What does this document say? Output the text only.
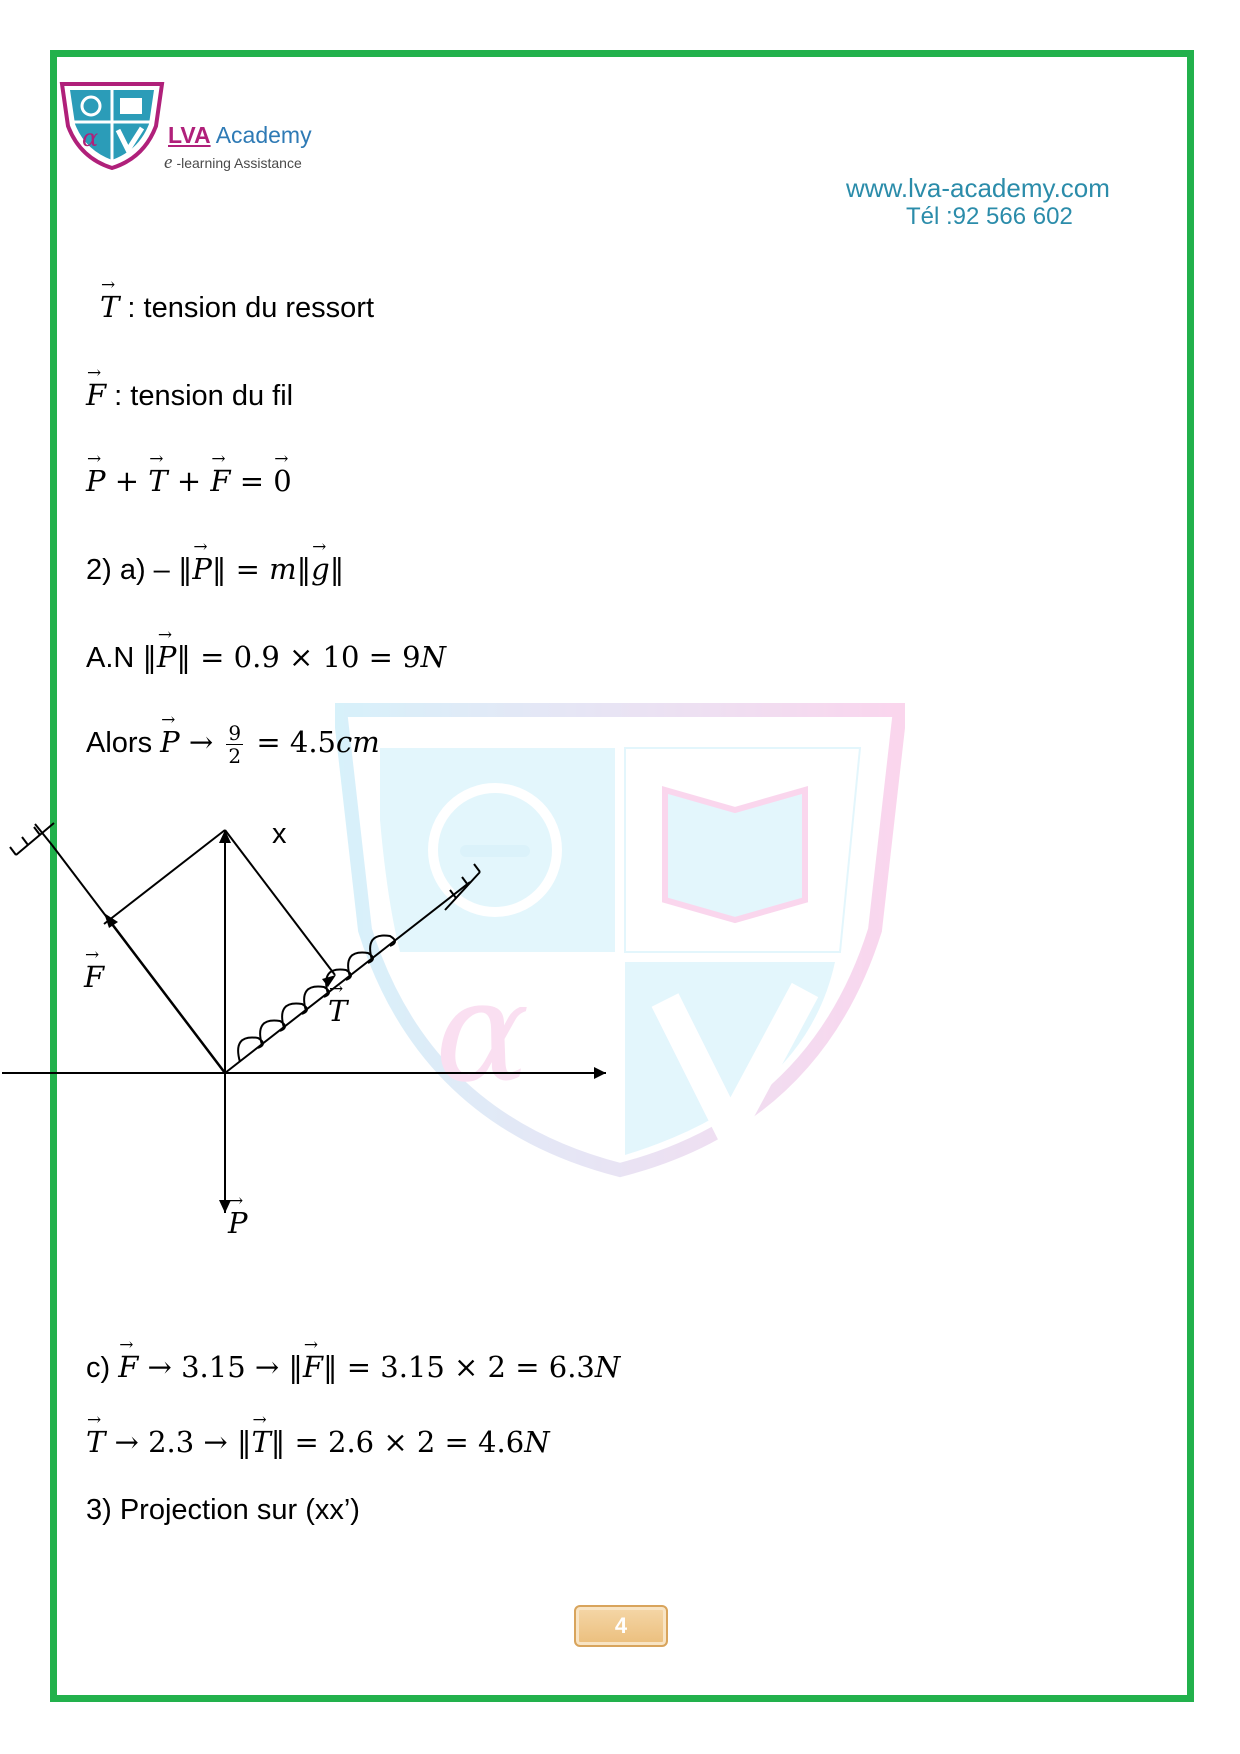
α	LVA Academy
e -learning Assistance
www.lva-academy.com
Tél :92 566 602
α
→ T : tension du ressort
→ F : tension du fil
→ P + → T + → F = → 0
2) a) – ‖→ P‖ = m‖→ g‖
A.N ‖→ P‖ = 0.9 × 10 = 9N
Alors → $P \to \frac{9}{2} = 4.5cm$
x
→ F
→ T
→ P
c) → F → 3.15 → ‖→ F‖ = 3.15 × 2 = 6.3N
→ T → 2.3 → ‖→ T‖ = 2.6 × 2 = 4.6N
3) Projection sur (xx’)
4
